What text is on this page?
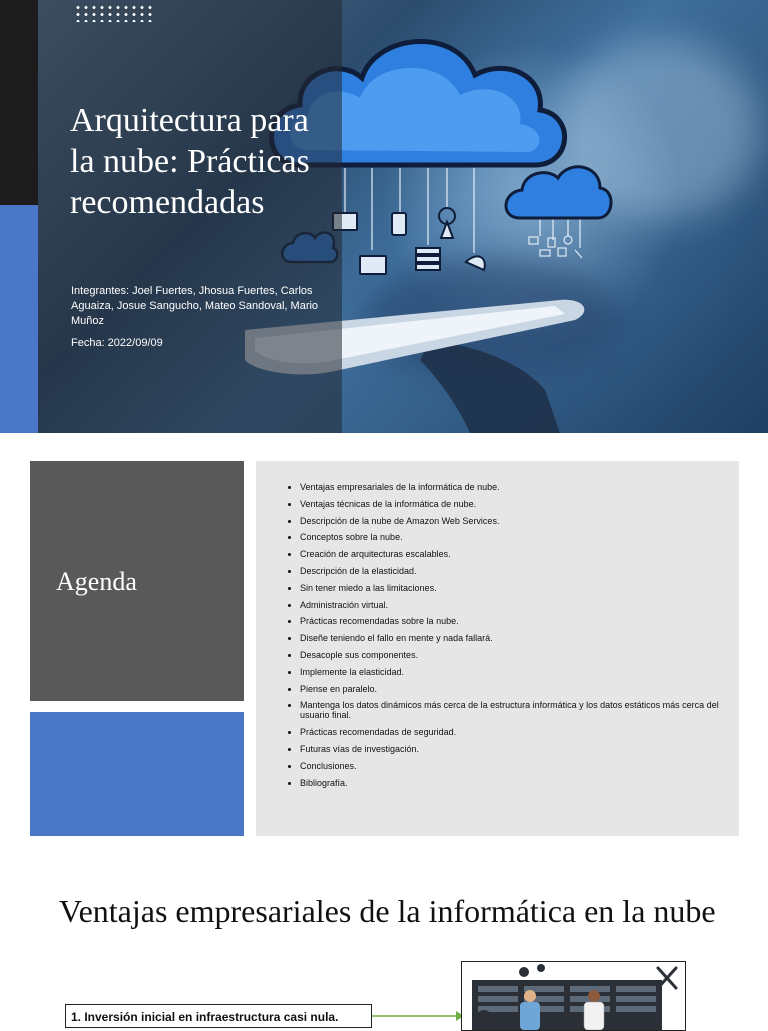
Arquitectura para la nube: Prácticas recomendadas

Integrantes: Joel Fuertes, Jhosua Fuertes, Carlos Aguaiza, Josue Sangucho, Mateo Sandoval, Mario Muñoz

Fecha: 2022/09/09

Agenda
• Ventajas empresariales de la informática de nube.
• Ventajas técnicas de la informática de nube.
• Descripción de la nube de Amazon Web Services.
• Conceptos sobre la nube.
• Creación de arquitecturas escalables.
• Descripción de la elasticidad.
• Sin tener miedo a las limitaciones.
• Administración virtual.
• Prácticas recomendadas sobre la nube.
• Diseñe teniendo el fallo en mente y nada fallará.
• Desacople sus componentes.
• Implemente la elasticidad.
• Piense en paralelo.
• Mantenga los datos dinámicos más cerca de la estructura informática y los datos estáticos más cerca del usuario final.
• Prácticas recomendadas de seguridad.
• Futuras vías de investigación.
• Conclusiones.
• Bibliografía.
Ventajas empresariales de la informática en la nube
1. Inversión inicial en infraestructura casi nula.
